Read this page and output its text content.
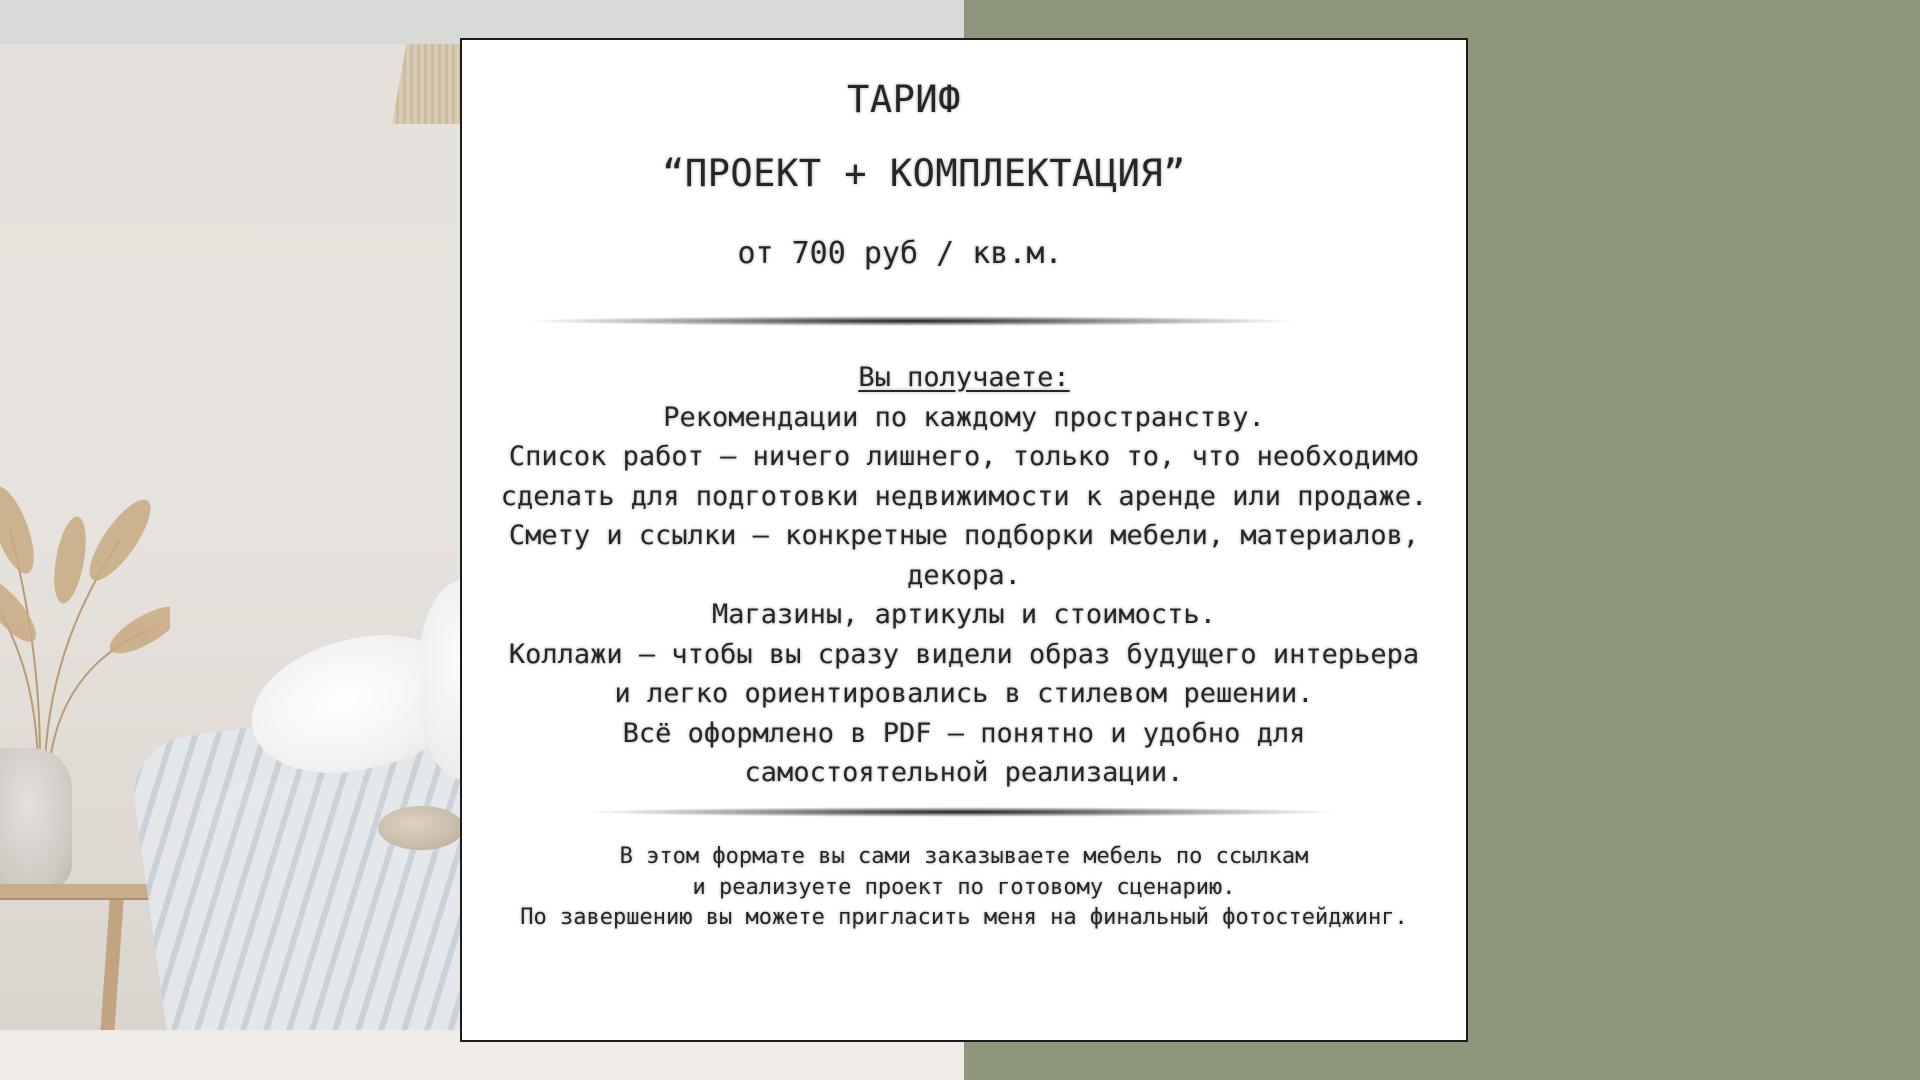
ТАРИФ
“ПРОЕКТ + КОМПЛЕКТАЦИЯ”
от 700 руб / кв.м.
Вы получаете:
Рекомендации по каждому пространству.
Список работ — ничего лишнего, только то, что необходимо
сделать для подготовки недвижимости к аренде или продаже.
Смету и ссылки — конкретные подборки мебели, материалов,
декора.
Магазины, артикулы и стоимость.
Коллажи — чтобы вы сразу видели образ будущего интерьера
и легко ориентировались в стилевом решении.
Всё оформлено в PDF — понятно и удобно для
самостоятельной реализации.
В этом формате вы сами заказываете мебель по ссылкам
и реализуете проект по готовому сценарию.
По завершению вы можете пригласить меня на финальный фотостейджинг.
